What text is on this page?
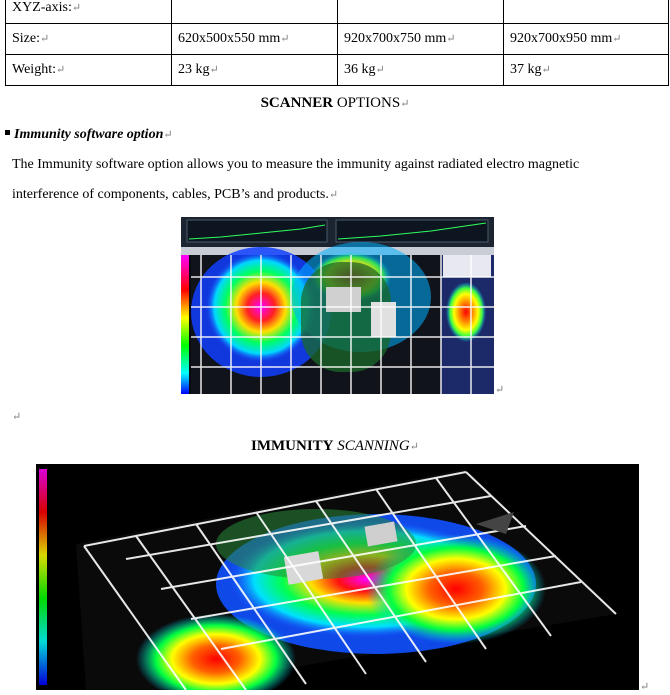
XYZ-axis:↵			
Size:↵	620x500x550 mm↵	920x700x750 mm↵	920x700x950 mm↵
Weight:↵	23 kg↵	36 kg↵	37 kg↵
SCANNER OPTIONS↵
Immunity software option↵
The Immunity software option allows you to measure the immunity against radiated electro magnetic
interference of components, cables, PCB’s and products.↵
↵
↵
IMMUNITY SCANNING↵
↵
